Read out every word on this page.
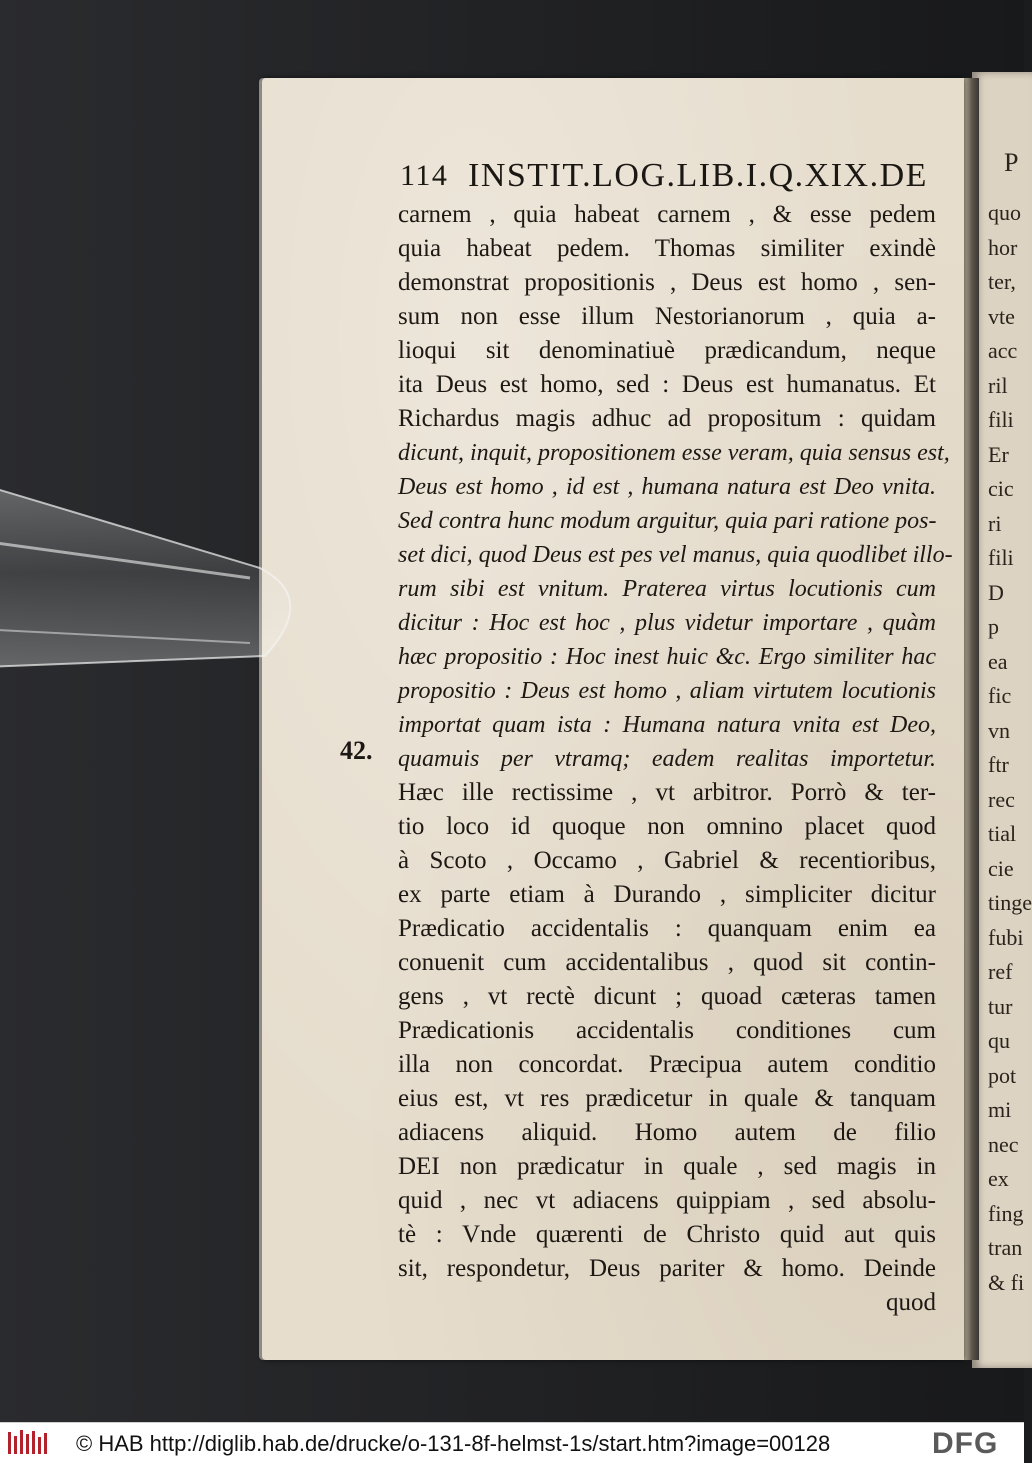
114 INSTIT.LOG.LIB.I.Q.XIX.DE
42.
carnem , quia habeat carnem , & esse pedem
quia habeat pedem. Thomas similiter exindè
demonstrat propositionis , Deus est homo , sen-
sum non esse illum Nestorianorum , quia a-
lioqui sit denominatiuè prædicandum, neque
ita Deus est homo, sed : Deus est humanatus. Et
Richardus magis adhuc ad propositum : quidam
dicunt, inquit, propositionem esse veram, quia sensus est,
Deus est homo , id est , humana natura est Deo vnita.
Sed contra hunc modum arguitur, quia pari ratione pos-
set dici, quod Deus est pes vel manus, quia quodlibet illo-
rum sibi est vnitum. Praterea virtus locutionis cum
dicitur : Hoc est hoc , plus videtur importare , quàm
hæc propositio : Hoc inest huic &c. Ergo similiter hac
propositio : Deus est homo , aliam virtutem locutionis
importat quam ista : Humana natura vnita est Deo,
quamuis per vtramq; eadem realitas importetur.
Hæc ille rectissime , vt arbitror. Porrò & ter-
tio loco id quoque non omnino placet quod
à Scoto , Occamo , Gabriel & recentioribus,
ex parte etiam à Durando , simpliciter dicitur
Prædicatio accidentalis : quanquam enim ea
conuenit cum accidentalibus , quod sit contin-
gens , vt rectè dicunt ; quoad cæteras tamen
Prædicationis accidentalis conditiones cum
illa non concordat. Præcipua autem conditio
eius est, vt res prædicetur in quale & tanquam
adiacens aliquid. Homo autem de filio
DEI non prædicatur in quale , sed magis in
quid , nec vt adiacens quippiam , sed absolu-
tè : Vnde quærenti de Christo quid aut quis
sit, respondetur, Deus pariter & homo. Deinde
quod
P
quo
hor
ter,
vte
acc
ril
fili
Er
cic
ri
fili
D
p
ea
fic
vn
ftr
rec
tial
cie
tinge
fubi
ref
tur
qu
pot
mi
nec
ex
fing
tran
& fi
© HAB http://diglib.hab.de/drucke/o-131-8f-helmst-1s/start.htm?image=00128	DFG
